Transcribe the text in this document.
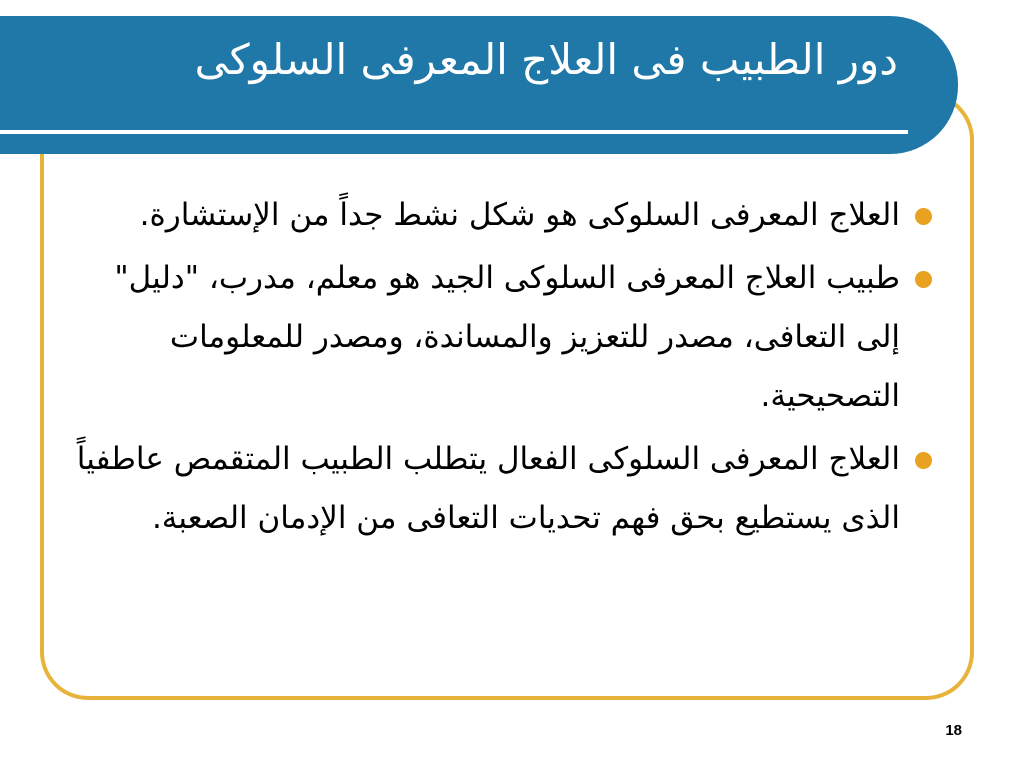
دور الطبيب فى العلاج المعرفى السلوكى
العلاج المعرفى السلوكى هو شكل نشط جداً من الإستشارة.
طبيب العلاج المعرفى السلوكى الجيد هو معلم، مدرب، "دليل" إلى التعافى، مصدر للتعزيز والمساندة، ومصدر للمعلومات التصحيحية.
العلاج المعرفى السلوكى الفعال يتطلب الطبيب المتقمص عاطفياً الذى يستطيع بحق فهم تحديات التعافى من الإدمان الصعبة.
18
